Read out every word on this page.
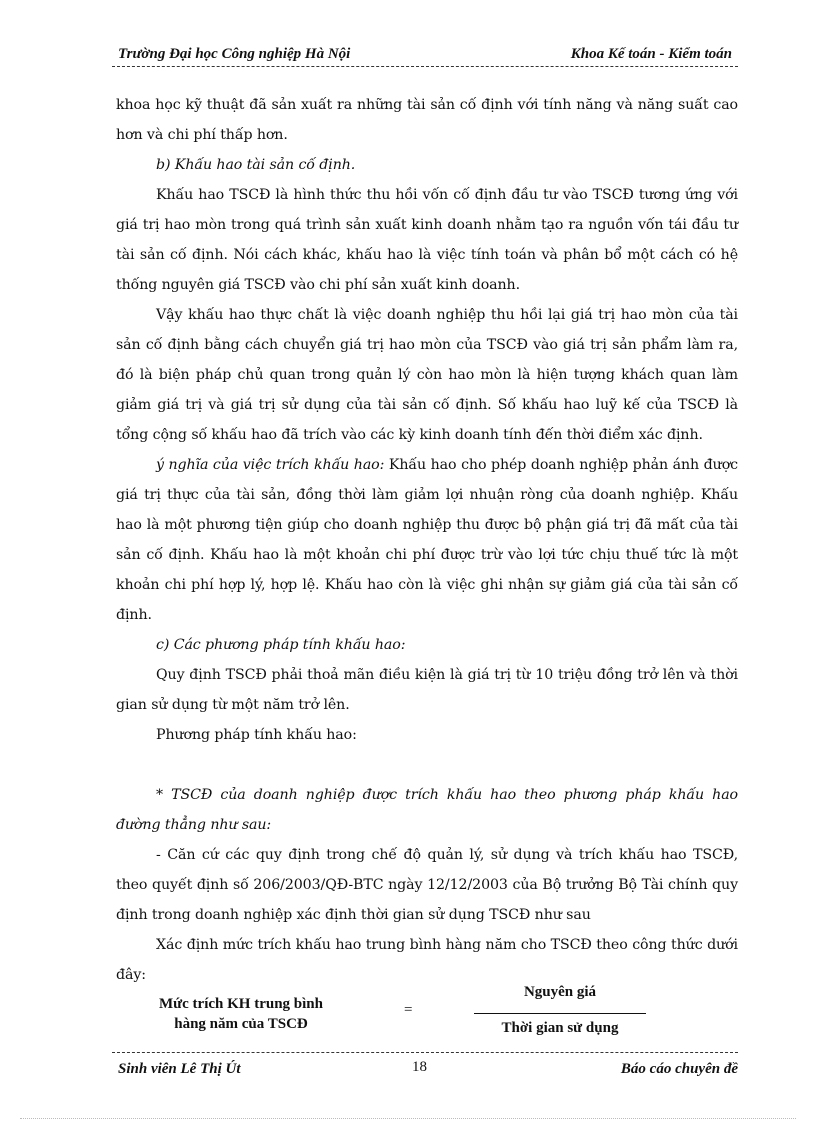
Trường Đại học Công nghiệp Hà Nội	Khoa Kế toán - Kiểm toán

khoa học kỹ thuật đã sản xuất ra những tài sản cố định với tính năng và năng suất cao hơn và chi phí thấp hơn.

b) Khấu hao tài sản cố định.

Khấu hao TSCĐ là hình thức thu hồi vốn cố định đầu tư vào TSCĐ tương ứng với giá trị hao mòn trong quá trình sản xuất kinh doanh nhằm tạo ra nguồn vốn tái đầu tư tài sản cố định. Nói cách khác, khấu hao là việc tính toán và phân bổ một cách có hệ thống nguyên giá TSCĐ vào chi phí sản xuất kinh doanh.

Vậy khấu hao thực chất là việc doanh nghiệp thu hồi lại giá trị hao mòn của tài sản cố định bằng cách chuyển giá trị hao mòn của TSCĐ vào giá trị sản phẩm làm ra, đó là biện pháp chủ quan trong quản lý còn hao mòn là hiện tượng khách quan làm giảm giá trị và giá trị sử dụng của tài sản cố định. Số khấu hao luỹ kế của TSCĐ là tổng cộng số khấu hao đã trích vào các kỳ kinh doanh tính đến thời điểm xác định.

ý nghĩa của việc trích khấu hao: Khấu hao cho phép doanh nghiệp phản ánh được giá trị thực của tài sản, đồng thời làm giảm lợi nhuận ròng của doanh nghiệp. Khấu hao là một phương tiện giúp cho doanh nghiệp thu được bộ phận giá trị đã mất của tài sản cố định. Khấu hao là một khoản chi phí được trừ vào lợi tức chịu thuế tức là một khoản chi phí hợp lý, hợp lệ. Khấu hao còn là việc ghi nhận sự giảm giá của tài sản cố định.

c) Các phương pháp tính khấu hao:

Quy định TSCĐ phải thoả mãn điều kiện là giá trị từ 10 triệu đồng trở lên và thời gian sử dụng từ một năm trở lên.

Phương pháp tính khấu hao:

* TSCĐ của doanh nghiệp được trích khấu hao theo phương pháp khấu hao đường thẳng như sau:

- Căn cứ các quy định trong chế độ quản lý, sử dụng và trích khấu hao TSCĐ, theo quyết định số 206/2003/QĐ-BTC ngày 12/12/2003 của Bộ trưởng Bộ Tài chính quy định trong doanh nghiệp xác định thời gian sử dụng TSCĐ như sau

Xác định mức trích khấu hao trung bình hàng năm cho TSCĐ theo công thức dưới đây:

Mức trích KH trung bình
hàng năm của TSCĐ
=
Nguyên giá
Thời gian sử dụng
Sinh viên Lê Thị Út	18	Báo cáo chuyên đề
